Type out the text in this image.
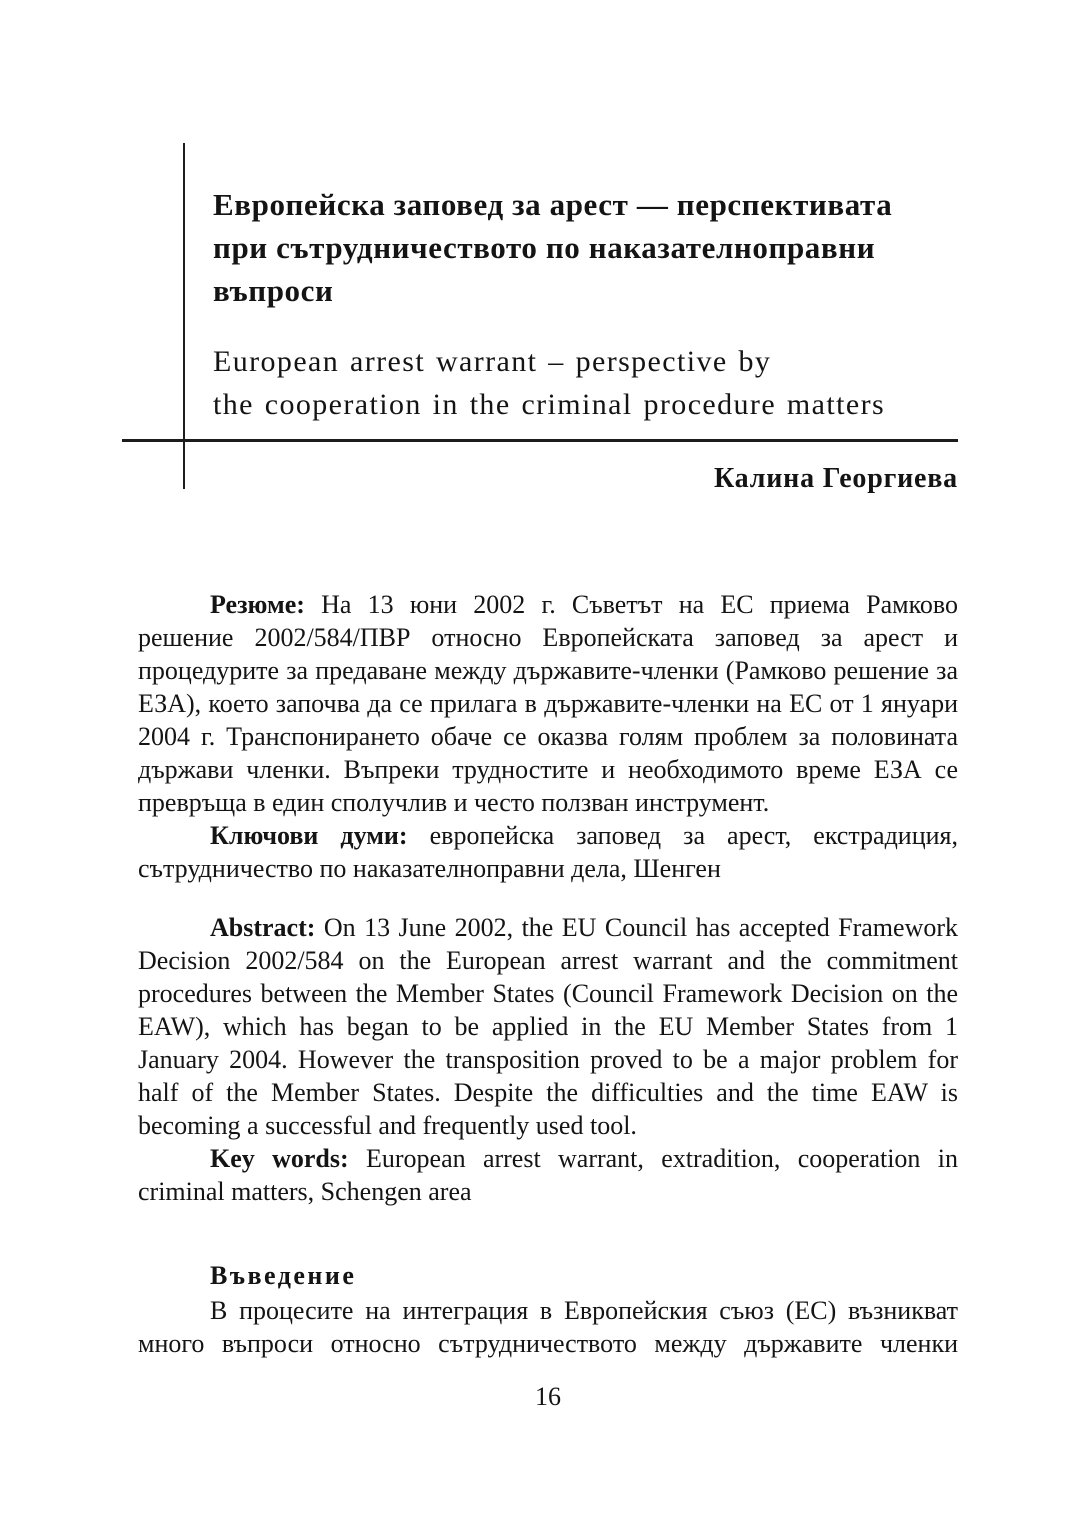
Европейска заповед за арест — перспективата
при сътрудничеството по наказателноправни
въпроси
European arrest warrant – perspective by
the cooperation in the criminal procedure matters
Калина Георгиева

Резюме: На 13 юни 2002 г. Съветът на ЕС приема Рамково решение 2002/584/ПВР относно Европейската заповед за арест и процедурите за предаване между държавите-членки (Рамково решение за ЕЗА), което започва да се прилага в държавите-членки на ЕС от 1 януари 2004 г. Транспонирането обаче се оказва голям проблем за половината държави членки. Въпреки трудностите и необходимото време ЕЗА се превръща в един сполучлив и често ползван инструмент.

Ключови думи: европейска заповед за арест, екстрадиция, сътрудничество по наказателноправни дела, Шенген

Abstract: On 13 June 2002, the EU Council has accepted Framework Decision 2002/584 on the European arrest warrant and the commitment procedures between the Member States (Council Framework Decision on the EAW), which has began to be applied in the EU Member States from 1 January 2004. However the transposition proved to be a major problem for half of the Member States. Despite the difficulties and the time EAW is becoming a successful and frequently used tool.

Key words: European arrest warrant, extradition, cooperation in criminal matters, Schengen area

Въведение

В процесите на интеграция в Европейския съюз (ЕС) възникват много въпроси относно сътрудничеството между държавите членки

16
